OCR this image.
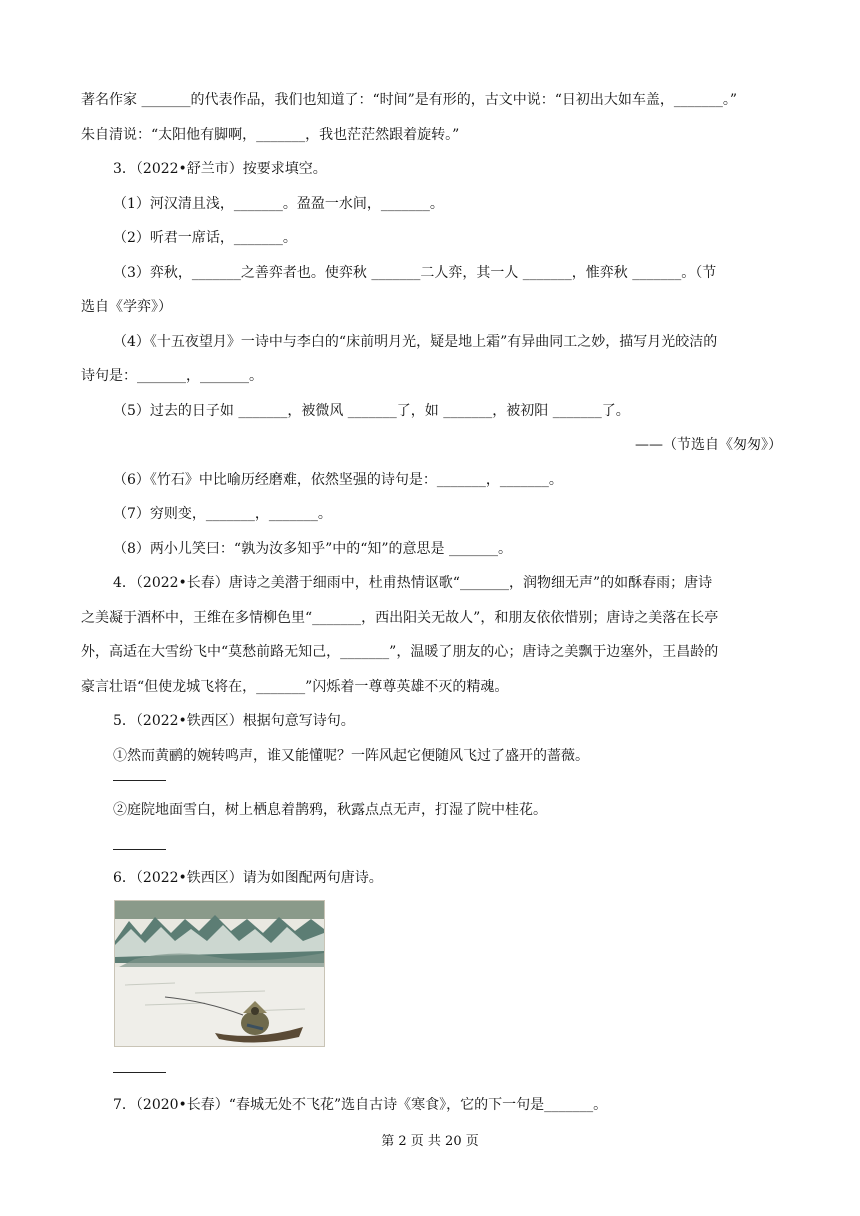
著名作家 _______的代表作品，我们也知道了：“时间”是有形的，古文中说：“日初出大如车盖，_______。”
朱自清说：“太阳他有脚啊，_______，我也茫茫然跟着旋转。”
3．（2022•舒兰市）按要求填空。
（1）河汉清且浅，_______。盈盈一水间，_______。
（2）听君一席话，_______。
（3）弈秋，_______之善弈者也。使弈秋 _______二人弈，其一人 _______，惟弈秋 _______。（节
选自《学弈》）
（4）《十五夜望月》一诗中与李白的“床前明月光，疑是地上霜”有异曲同工之妙，描写月光皎洁的
诗句是：_______，_______。
（5）过去的日子如 _______，被微风 _______了，如 _______，被初阳 _______了。
——（节选自《匆匆》）
（6）《竹石》中比喻历经磨难，依然坚强的诗句是：_______，_______。
（7）穷则变，_______，_______。
（8）两小儿笑曰：“孰为汝多知乎”中的“知”的意思是 _______。
4．（2022•长春）唐诗之美潜于细雨中，杜甫热情讴歌“_______，润物细无声”的如酥春雨；唐诗
之美凝于酒杯中，王维在多情柳色里“_______，西出阳关无故人”，和朋友依依惜别；唐诗之美落在长亭
外，高适在大雪纷飞中“莫愁前路无知己，_______”，温暖了朋友的心；唐诗之美飘于边塞外，王昌龄的
豪言壮语“但使龙城飞将在，_______”闪烁着一尊尊英雄不灭的精魂。
5．（2022•铁西区）根据句意写诗句。
①然而黄鹂的婉转鸣声，谁又能懂呢？一阵风起它便随风飞过了盛开的蔷薇。
②庭院地面雪白，树上栖息着鹊鸦，秋露点点无声，打湿了院中桂花。
6．（2022•铁西区）请为如图配两句唐诗。
7．（2020•长春）“春城无处不飞花”选自古诗《寒食》，它的下一句是_______。
第 2 页 共 20 页
